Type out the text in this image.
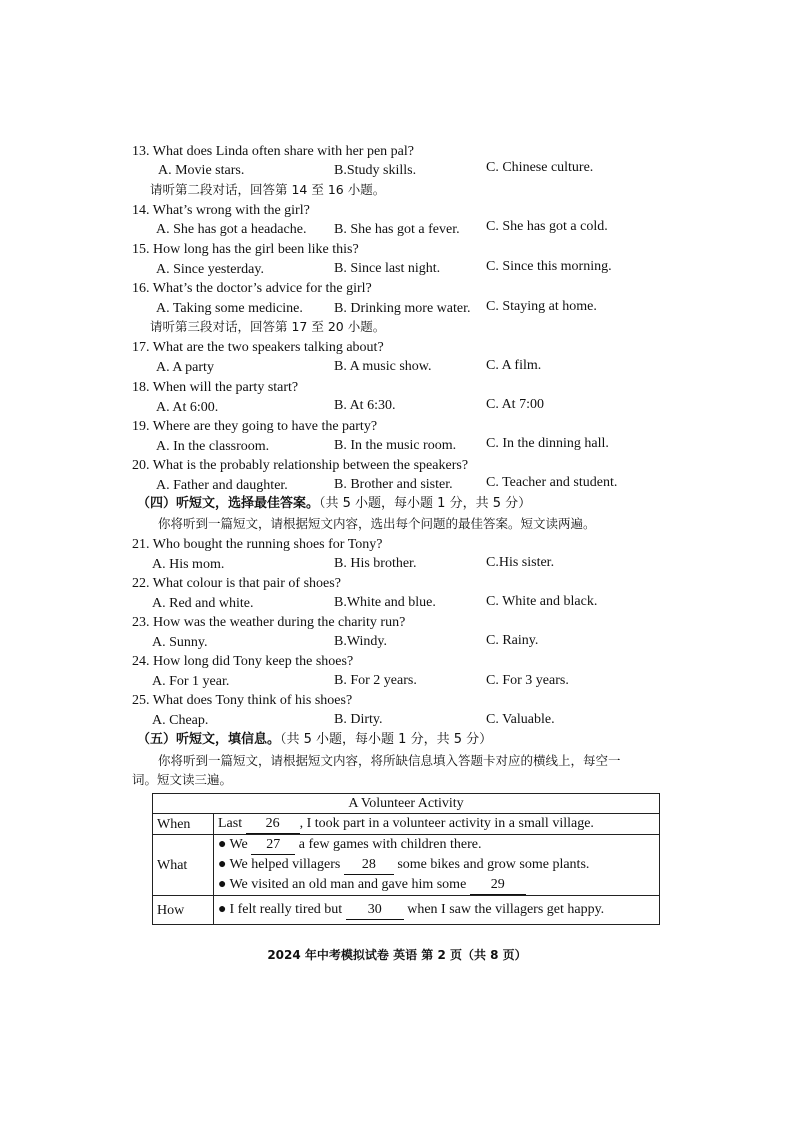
13. What does Linda often share with her pen pal?
A. Movie stars.	B.Study skills.	C. Chinese culture.
请听第二段对话，回答第 14 至 16 小题。
14. What’s wrong with the girl?
A. She has got a headache. B. She has got a fever. C. She has got a cold.
15. How long has the girl been like this?
A. Since yesterday.	B. Since last night.	C. Since this morning.
16. What’s the doctor’s advice for the girl?
A. Taking some medicine. B. Drinking more water. C. Staying at home.
请听第三段对话，回答第 17 至 20 小题。
17. What are the two speakers talking about?
A. A party	B. A music show.	C. A film.
18. When will the party start?
A. At 6:00.	B. At 6:30.	C. At 7:00
19. Where are they going to have the party?
A. In the classroom.	B. In the music room. C. In the dinning hall.
20. What is the probably relationship between the speakers?
A. Father and daughter.	B. Brother and sister. C. Teacher and student.
（四）听短文，选择最佳答案。（共 5 小题，每小题 1 分，共 5 分）
你将听到一篇短文，请根据短文内容，选出每个问题的最佳答案。短文读两遍。
21. Who bought the running shoes for Tony?
A. His mom.	B. His brother.	C.His sister.
22. What colour is that pair of shoes?
A. Red and white.	B.White and blue.	C. White and black.
23. How was the weather during the charity run?
A. Sunny.	B.Windy.	C. Rainy.
24. How long did Tony keep the shoes?
A. For 1 year.	B. For 2 years.	C. For 3 years.
25. What does Tony think of his shoes?
A. Cheap.	B. Dirty.	C. Valuable.
（五）听短文，填信息。（共 5 小题，每小题 1 分，共 5 分）
你将听到一篇短文，请根据短文内容，将所缺信息填入答题卡对应的横线上，每空一
词。短文读三遍。
A Volunteer Activity	
When	Last 26 , I took part in a volunteer activity in a small village.
What	● We 27 a few games with children there.
● We helped villagers 28 some bikes and grow some plants.
● We visited an old man and gave him some 29

How	● I felt really tired but 30 when I saw the villagers get happy.
2024 年中考模拟试卷 英语 第 2 页（共 8 页）
